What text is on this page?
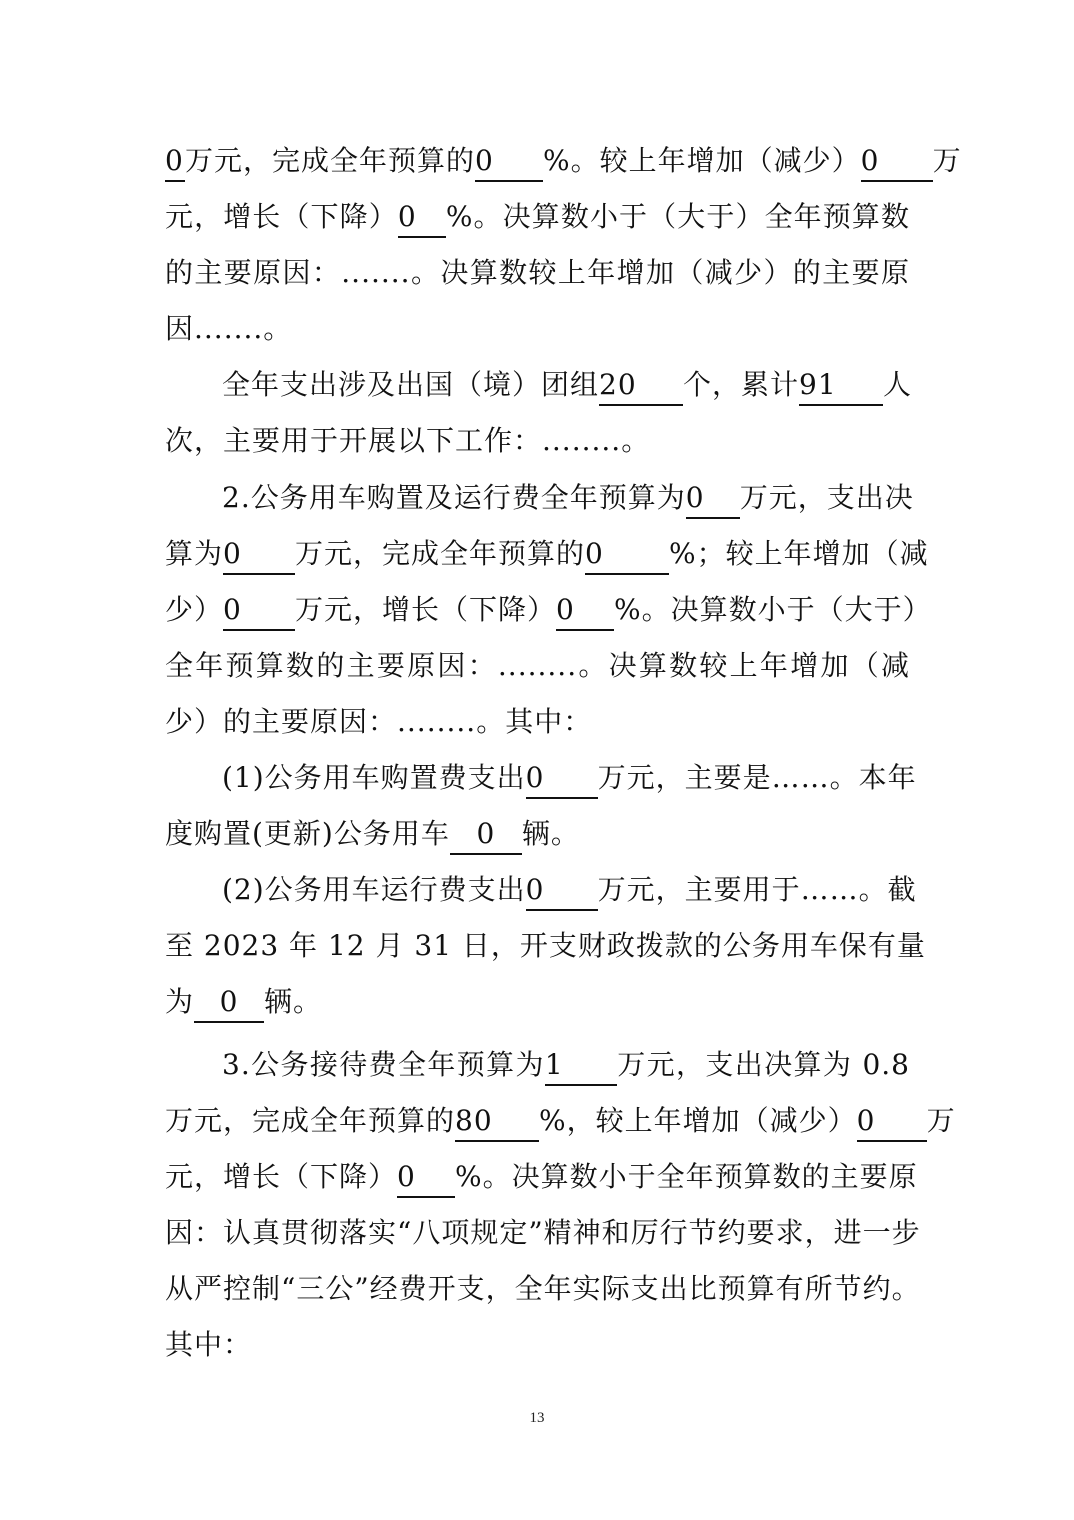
0万元，完成全年预算的0 %。较上年增加（减少）0 万
元，增长（下降）0 %。决算数小于（大于）全年预算数
的主要原因：.......。决算数较上年增加（减少）的主要原
因.......。
全年支出涉及出国（境）团组20 个，累计91 人
次，主要用于开展以下工作：........。
2.公务用车购置及运行费全年预算为0 万元，支出决
算为0 万元，完成全年预算的0 %；较上年增加（减
少）0 万元，增长（下降）0 %。决算数小于（大于）
全年预算数的主要原因：........。决算数较上年增加（减
少）的主要原因：........。其中：
(1)公务用车购置费支出0 万元，主要是……。本年
度购置(更新)公务用车 0 辆。
(2)公务用车运行费支出0 万元，主要用于……。截
至 2023 年 12 月 31 日，开支财政拨款的公务用车保有量
为 0 辆。
3.公务接待费全年预算为1 万元，支出决算为 0.8
万元，完成全年预算的80 %，较上年增加（减少）0 万
元，增长（下降）0 %。决算数小于全年预算数的主要原
因：认真贯彻落实“八项规定”精神和厉行节约要求，进一步
从严控制“三公”经费开支，全年实际支出比预算有所节约。
其中：
13
